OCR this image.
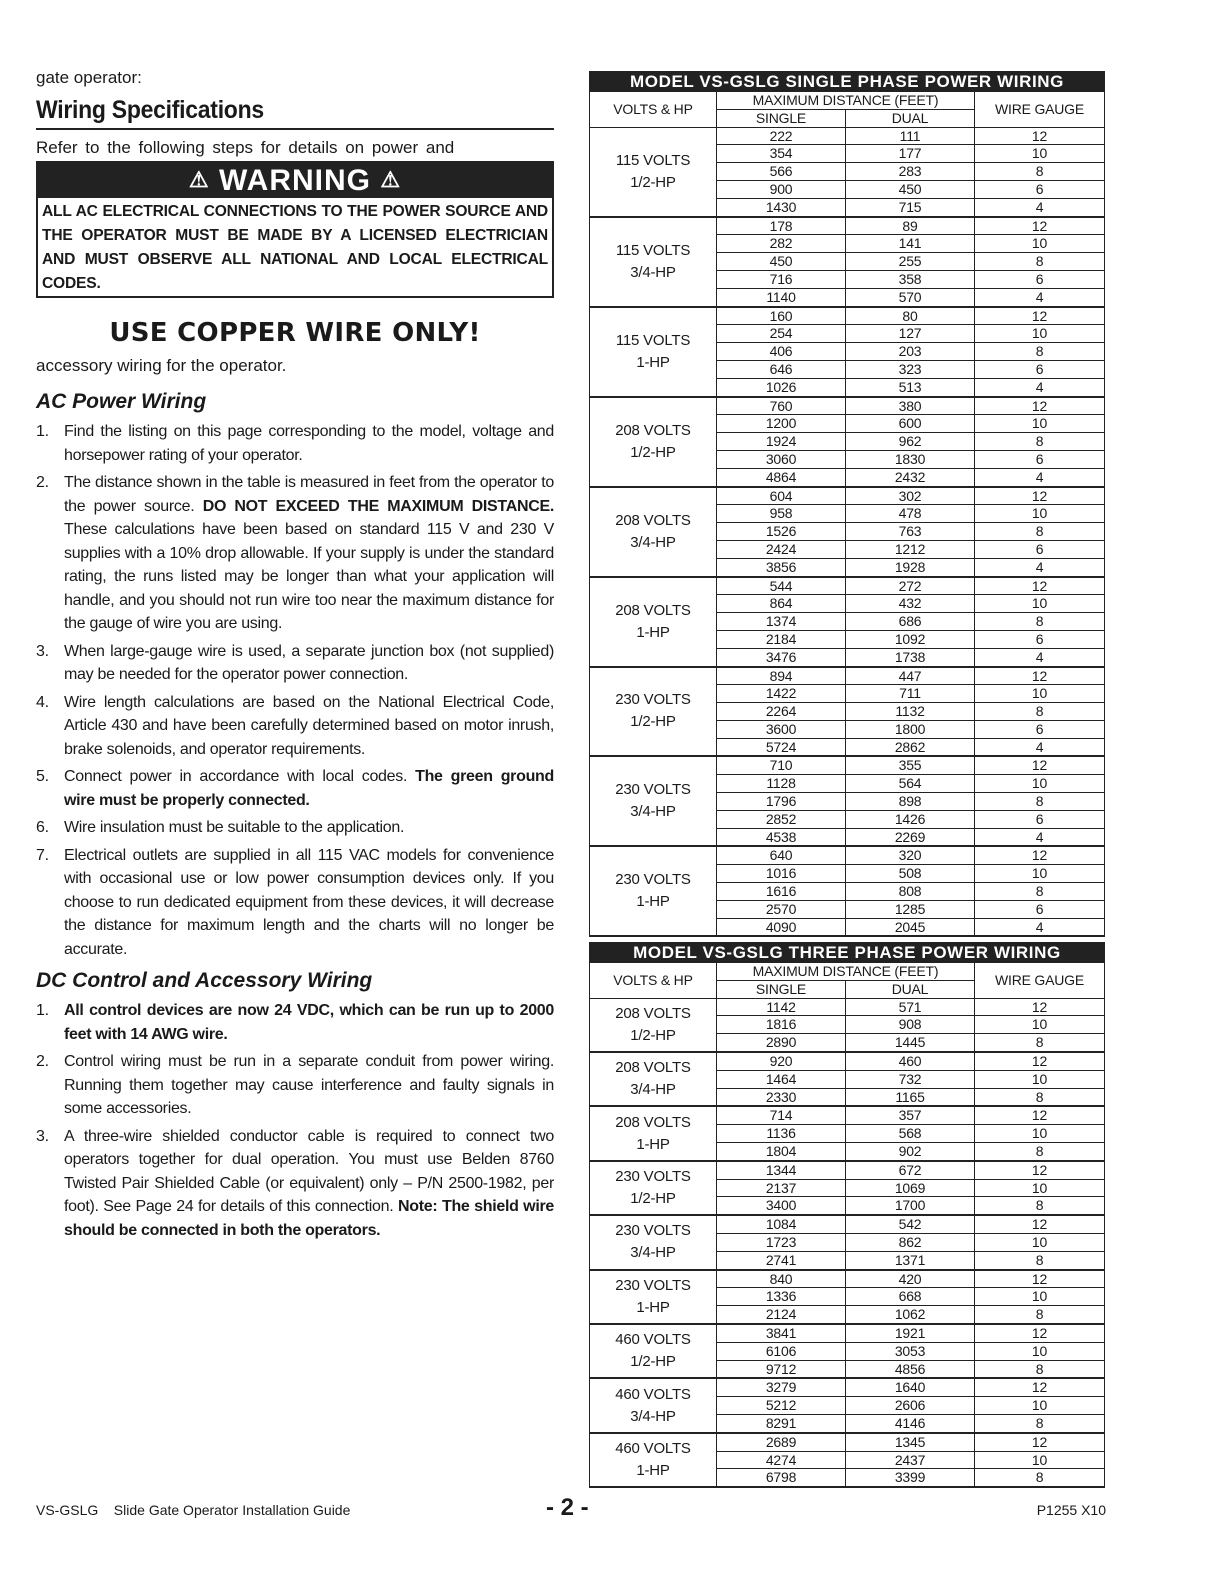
gate operator:

Wiring Specifications

Refer to the following steps for details on power and

⚠ WARNING ⚠
ALL AC ELECTRICAL CONNECTIONS TO THE POWER SOURCE AND THE OPERATOR MUST BE MADE BY A LICENSED ELECTRICIAN AND MUST OBSERVE ALL NATIONAL AND LOCAL ELECTRICAL CODES.
USE COPPER WIRE ONLY!

accessory wiring for the operator.

AC Power Wiring
1. Find the listing on this page corresponding to the model, voltage and horsepower rating of your operator.
2. The distance shown in the table is measured in feet from the operator to the power source. DO NOT EXCEED THE MAXIMUM DISTANCE. These calculations have been based on standard 115 V and 230 V supplies with a 10% drop allowable. If your supply is under the standard rating, the runs listed may be longer than what your application will handle, and you should not run wire too near the maximum distance for the gauge of wire you are using.
3. When large-gauge wire is used, a separate junction box (not supplied) may be needed for the operator power connection.
4. Wire length calculations are based on the National Electrical Code, Article 430 and have been carefully determined based on motor inrush, brake solenoids, and operator requirements.
5. Connect power in accordance with local codes. The green ground wire must be properly connected.
6. Wire insulation must be suitable to the application.
7. Electrical outlets are supplied in all 115 VAC models for convenience with occasional use or low power consumption devices only. If you choose to run dedicated equipment from these devices, it will decrease the distance for maximum length and the charts will no longer be accurate.
DC Control and Accessory Wiring
1. All control devices are now 24 VDC, which can be run up to 2000 feet with 14 AWG wire.
2. Control wiring must be run in a separate conduit from power wiring. Running them together may cause interference and faulty signals in some accessories.
3. A three-wire shielded conductor cable is required to connect two operators together for dual operation. You must use Belden 8760 Twisted Pair Shielded Cable (or equivalent) only – P/N 2500-1982, per foot). See Page 24 for details of this connection. Note: The shield wire should be connected in both the operators.
MODEL VS-GSLG SINGLE PHASE POWER WIRING			
VOLTS & HP	MAXIMUM DISTANCE (FEET)		WIRE GAUGE
	SINGLE	DUAL	

115 VOLTS
1/2-HP	222	111	12
	354	177	10
	566	283	8
	900	450	6
	1430	715	4

115 VOLTS
3/4-HP	178	89	12
	282	141	10
	450	255	8
	716	358	6
	1140	570	4

115 VOLTS
1-HP	160	80	12
	254	127	10
	406	203	8
	646	323	6
	1026	513	4

208 VOLTS
1/2-HP	760	380	12
	1200	600	10
	1924	962	8
	3060	1830	6
	4864	2432	4

208 VOLTS
3/4-HP	604	302	12
	958	478	10
	1526	763	8
	2424	1212	6
	3856	1928	4

208 VOLTS
1-HP	544	272	12
	864	432	10
	1374	686	8
	2184	1092	6
	3476	1738	4

230 VOLTS
1/2-HP	894	447	12
	1422	711	10
	2264	1132	8
	3600	1800	6
	5724	2862	4

230 VOLTS
3/4-HP	710	355	12
	1128	564	10
	1796	898	8
	2852	1426	6
	4538	2269	4

230 VOLTS
1-HP	640	320	12
	1016	508	10
	1616	808	8
	2570	1285	6
	4090	2045	4
MODEL VS-GSLG THREE PHASE POWER WIRING			
VOLTS & HP	MAXIMUM DISTANCE (FEET)		WIRE GAUGE
	SINGLE	DUAL	

208 VOLTS
1/2-HP	1142	571	12
	1816	908	10
	2890	1445	8

208 VOLTS
3/4-HP	920	460	12
	1464	732	10
	2330	1165	8

208 VOLTS
1-HP	714	357	12
	1136	568	10
	1804	902	8

230 VOLTS
1/2-HP	1344	672	12
	2137	1069	10
	3400	1700	8

230 VOLTS
3/4-HP	1084	542	12
	1723	862	10
	2741	1371	8

230 VOLTS
1-HP	840	420	12
	1336	668	10
	2124	1062	8

460 VOLTS
1/2-HP	3841	1921	12
	6106	3053	10
	9712	4856	8

460 VOLTS
3/4-HP	3279	1640	12
	5212	2606	10
	8291	4146	8

460 VOLTS
1-HP	2689	1345	12
	4274	2437	10
	6798	3399	8
VS-GSLG    Slide Gate Operator Installation Guide	- 2 -	P1255 X10
